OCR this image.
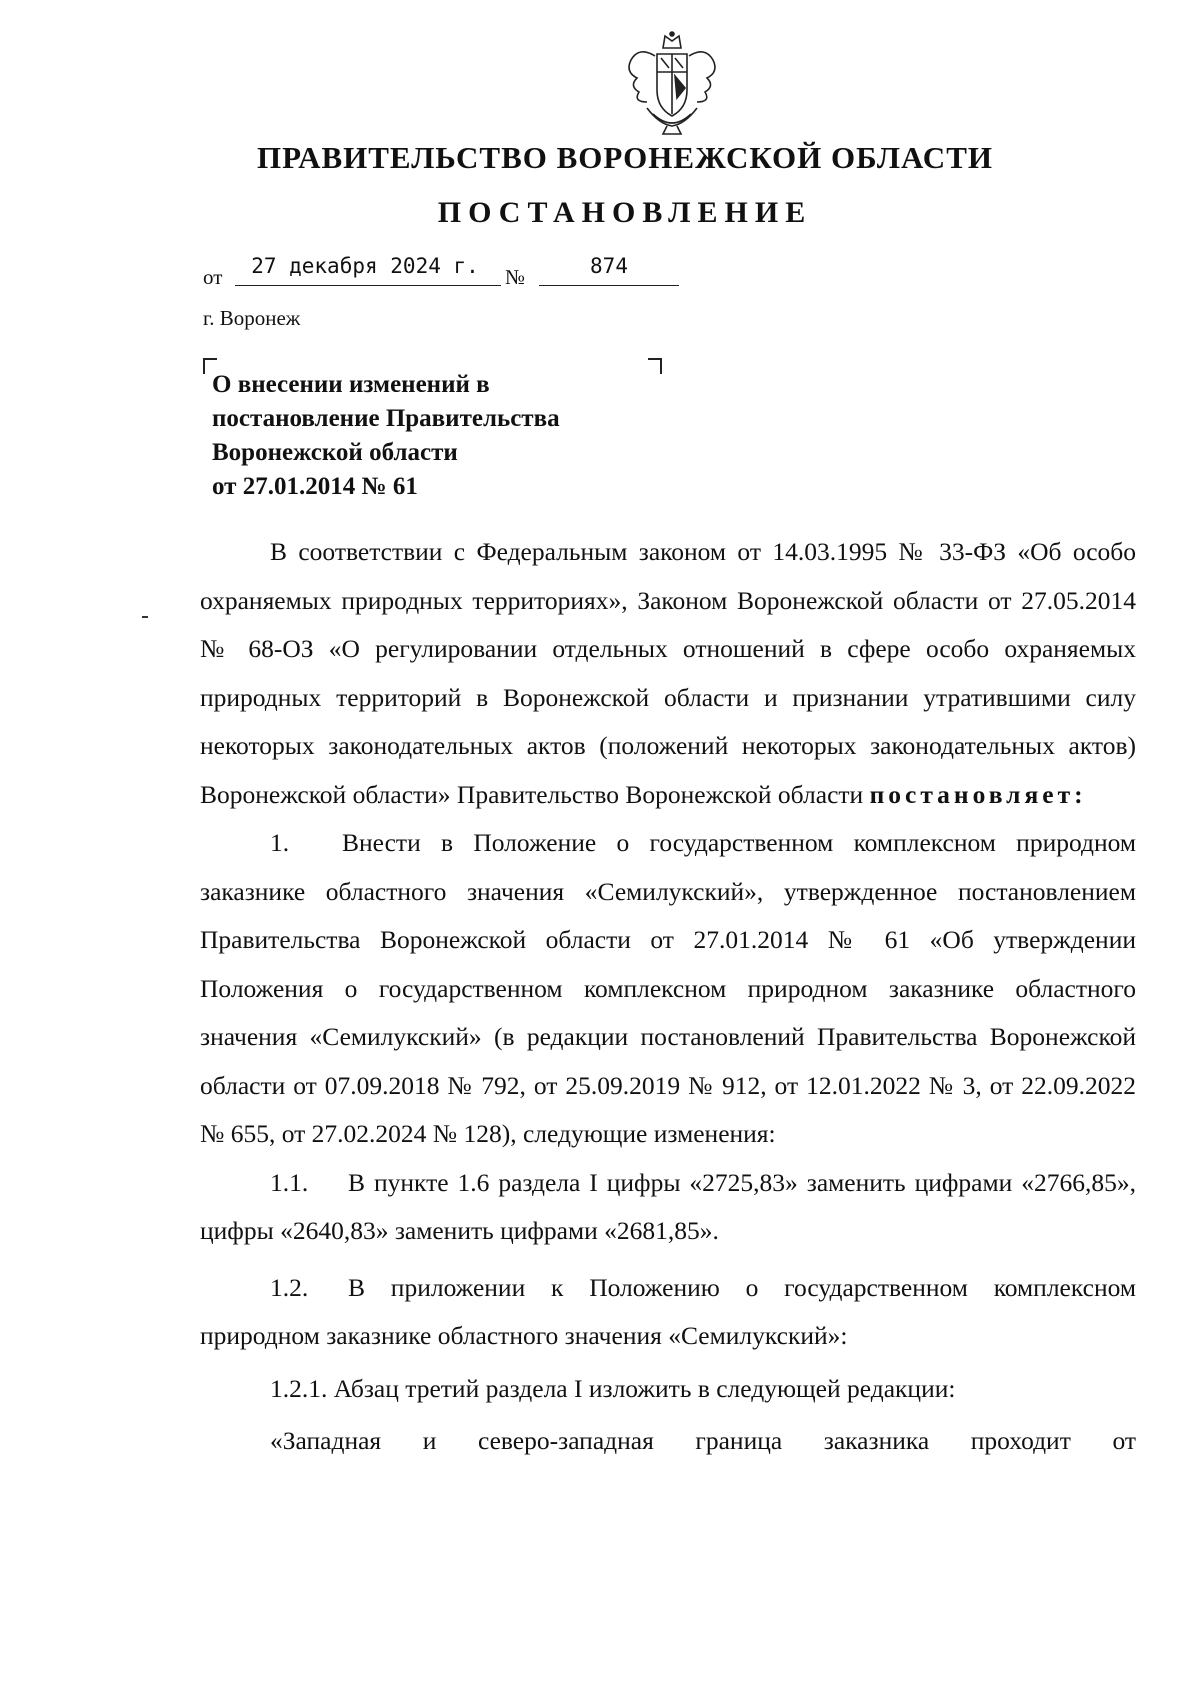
ПРАВИТЕЛЬСТВО ВОРОНЕЖСКОЙ ОБЛАСТИ
ПОСТАНОВЛЕНИЕ
от	27 декабря 2024 г.	№	874
г. Воронеж
О внесении изменений в
постановление Правительства
Воронежской области
от 27.01.2014 № 61

В соответствии с Федеральным законом от 14.03.1995 № 33-ФЗ «Об особо охраняемых природных территориях», Законом Воронежской области от 27.05.2014 № 68-ОЗ «О регулировании отдельных отношений в сфере особо охраняемых природных территорий в Воронежской области и признании утратившими силу некоторых законодательных актов (положений некоторых законодательных актов) Воронежской области» Правительство Воронежской области постановляет:

1. Внести в Положение о государственном комплексном природном заказнике областного значения «Семилукский», утвержденное постановлением Правительства Воронежской области от 27.01.2014 № 61 «Об утверждении Положения о государственном комплексном природном заказнике областного значения «Семилукский» (в редакции постановлений Правительства Воронежской области от 07.09.2018 № 792, от 25.09.2019 № 912, от 12.01.2022 № 3, от 22.09.2022 № 655, от 27.02.2024 № 128), следующие изменения:

1.1. В пункте 1.6 раздела I цифры «2725,83» заменить цифрами «2766,85», цифры «2640,83» заменить цифрами «2681,85».

1.2. В приложении к Положению о государственном комплексном природном заказнике областного значения «Семилукский»:

1.2.1. Абзац третий раздела I изложить в следующей редакции:

«Западная и северо-западная граница заказника проходит от
